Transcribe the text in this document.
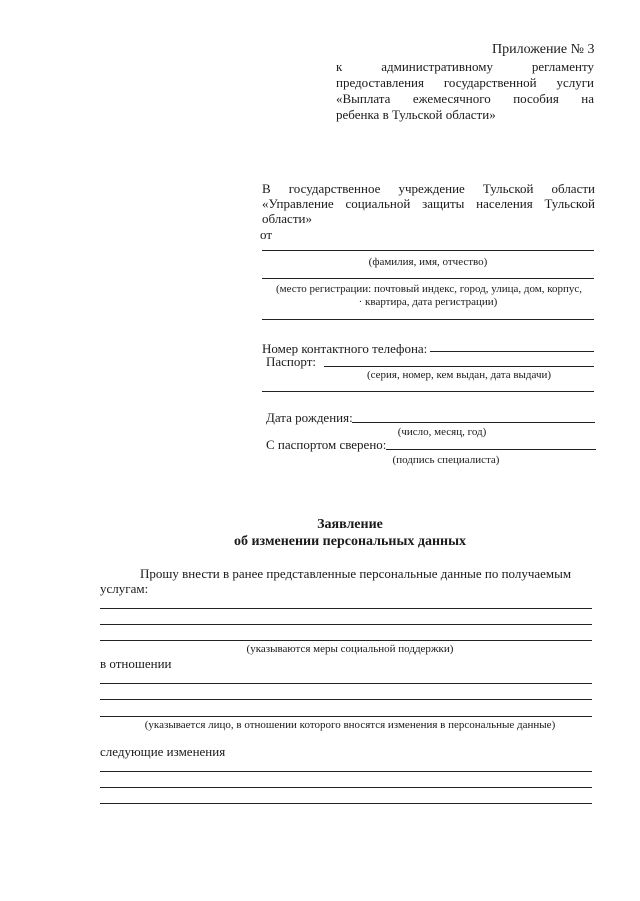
Приложение № 3
к административному регламенту
предоставления государственной услуги
«Выплата ежемесячного пособия на
ребенка в Тульской области»
В государственное учреждение Тульской области
«Управление социальной защиты населения Тульской
области»
от
(фамилия, имя, отчество)
(место регистрации: почтовый индекс, город, улица, дом, корпус,
· квартира, дата регистрации)
Номер контактного телефона:
Паспорт:
(серия, номер, кем выдан, дата выдачи)
Дата рождения:
(число, месяц, год)
С паспортом сверено:
(подпись специалиста)
Заявление
об изменении персональных данных
Прошу внести в ранее представленные персональные данные по получаемым
услугам:
(указываются меры социальной поддержки)
в отношении
(указывается лицо, в отношении которого вносятся изменения в персональные данные)
следующие изменения
